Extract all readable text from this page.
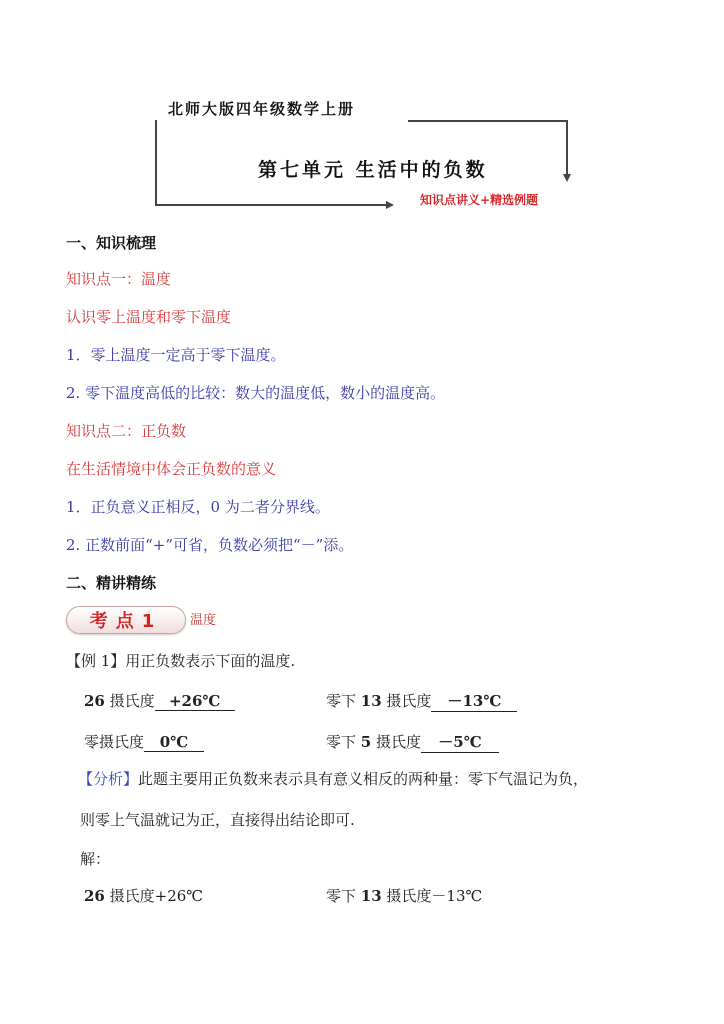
北师大版四年级数学上册
第七单元 生活中的负数
知识点讲义+精选例题
一、知识梳理
知识点一：温度
认识零上温度和零下温度
1．零上温度一定高于零下温度。
2. 零下温度高低的比较：数大的温度低，数小的温度高。
知识点二：正负数
在生活情境中体会正负数的意义
1．正负意义正相反，0 为二者分界线。
2. 正数前面“+”可省，负数必须把“－”添。
二、精讲精练
考点1	温度
【例 1】用正负数表示下面的温度.
26 摄氏度 +26℃	零下 13 摄氏度 －13℃
零摄氏度 0℃	零下 5 摄氏度 －5℃
【分析】此题主要用正负数来表示具有意义相反的两种量：零下气温记为负，
则零上气温就记为正，直接得出结论即可.
解：
26 摄氏度+26℃	零下 13 摄氏度－13℃
